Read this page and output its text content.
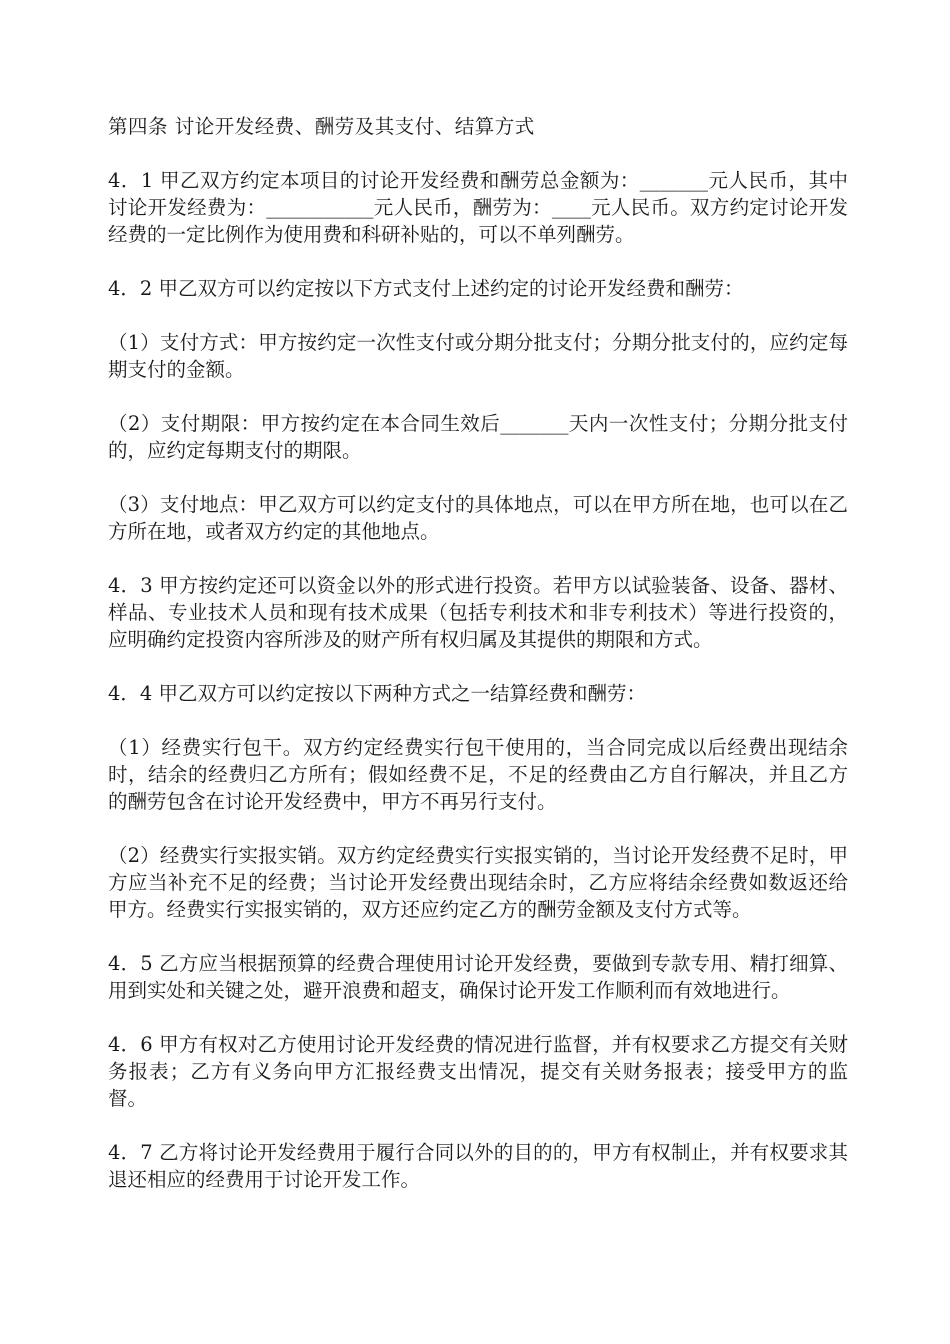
第四条 讨论开发经费、酬劳及其支付、结算方式

4．1 甲乙双方约定本项目的讨论开发经费和酬劳总金额为：_______元人民币，其中讨论开发经费为：___________元人民币，酬劳为：____元人民币。双方约定讨论开发经费的一定比例作为使用费和科研补贴的，可以不单列酬劳。

4．2 甲乙双方可以约定按以下方式支付上述约定的讨论开发经费和酬劳：

（1）支付方式：甲方按约定一次性支付或分期分批支付；分期分批支付的，应约定每期支付的金额。

（2）支付期限：甲方按约定在本合同生效后_______天内一次性支付；分期分批支付的，应约定每期支付的期限。

（3）支付地点：甲乙双方可以约定支付的具体地点，可以在甲方所在地，也可以在乙方所在地，或者双方约定的其他地点。

4．3 甲方按约定还可以资金以外的形式进行投资。若甲方以试验装备、设备、器材、样品、专业技术人员和现有技术成果（包括专利技术和非专利技术）等进行投资的，应明确约定投资内容所涉及的财产所有权归属及其提供的期限和方式。

4．4 甲乙双方可以约定按以下两种方式之一结算经费和酬劳：

（1）经费实行包干。双方约定经费实行包干使用的，当合同完成以后经费出现结余时，结余的经费归乙方所有；假如经费不足，不足的经费由乙方自行解决，并且乙方的酬劳包含在讨论开发经费中，甲方不再另行支付。

（2）经费实行实报实销。双方约定经费实行实报实销的，当讨论开发经费不足时，甲方应当补充不足的经费；当讨论开发经费出现结余时，乙方应将结余经费如数返还给甲方。经费实行实报实销的，双方还应约定乙方的酬劳金额及支付方式等。

4．5 乙方应当根据预算的经费合理使用讨论开发经费，要做到专款专用、精打细算、用到实处和关键之处，避开浪费和超支，确保讨论开发工作顺利而有效地进行。

4．6 甲方有权对乙方使用讨论开发经费的情况进行监督，并有权要求乙方提交有关财务报表；乙方有义务向甲方汇报经费支出情况，提交有关财务报表；接受甲方的监督。

4．7 乙方将讨论开发经费用于履行合同以外的目的的，甲方有权制止，并有权要求其退还相应的经费用于讨论开发工作。
